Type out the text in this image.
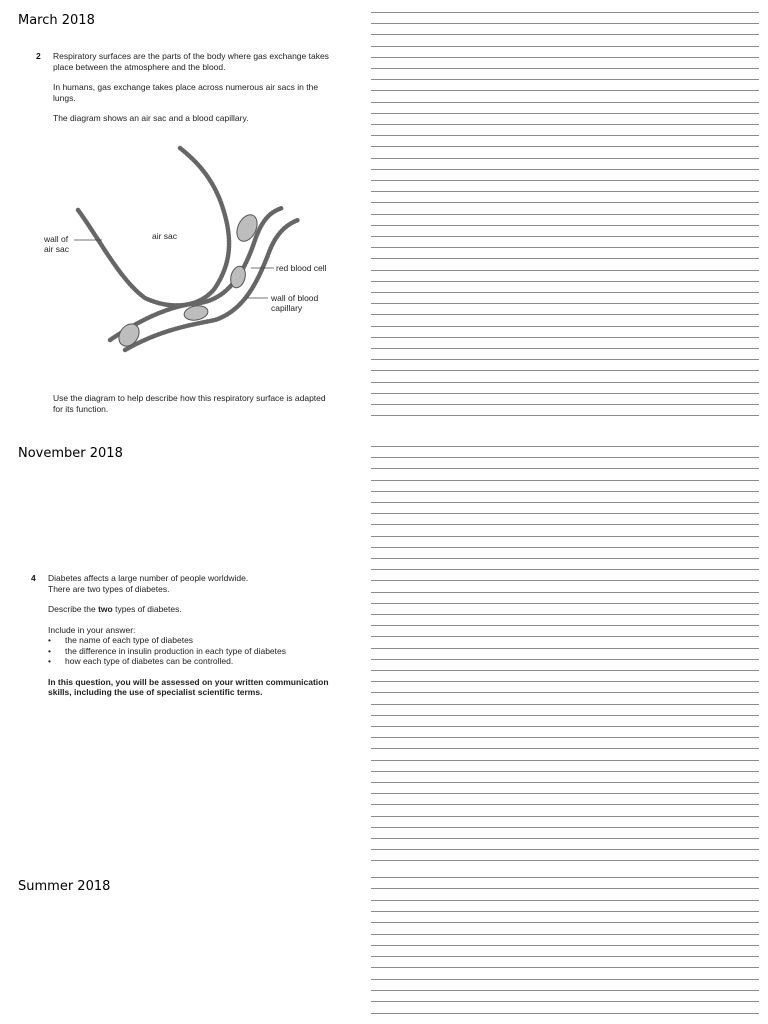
March 2018
November 2018
Summer 2018
2 Respiratory surfaces are the parts of the body where gas exchange takes

place between the atmosphere and the blood.

In humans, gas exchange takes place across numerous air sacs in the

lungs.

The diagram shows an air sac and a blood capillary.

wall of
air sac
air sac
red blood cell
wall of blood
capillary

Use the diagram to help describe how this respiratory surface is adapted

for its function.

4 Diabetes affects a large number of people worldwide.

There are two types of diabetes.

Describe the two types of diabetes.

Include in your answer:

• the name of each type of diabetes
• the difference in insulin production in each type of diabetes
• how each type of diabetes can be controlled.

In this question, you will be assessed on your written communication

skills, including the use of specialist scientific terms.
